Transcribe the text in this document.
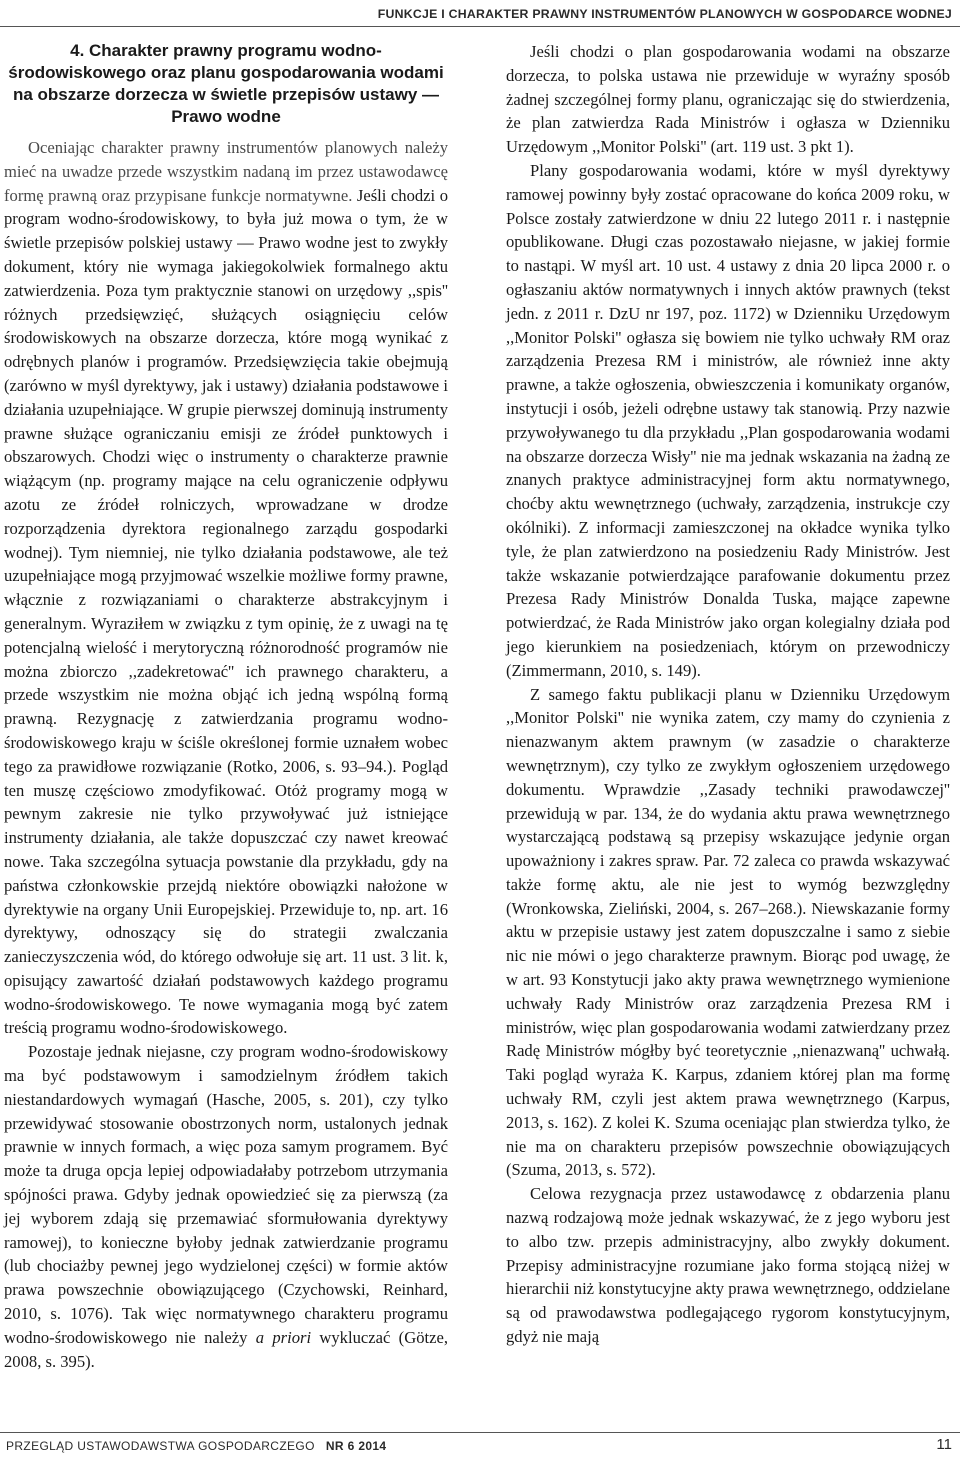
FUNKCJE I CHARAKTER PRAWNY INSTRUMENTÓW PLANOWYCH W GOSPODARCE WODNEJ
4. Charakter prawny programu wodno-środowiskowego oraz planu gospodarowania wodami na obszarze dorzecza w świetle przepisów ustawy — Prawo wodne

Oceniając charakter prawny instrumentów planowych należy mieć na uwadze przede wszystkim nadaną im przez ustawodawcę formę prawną oraz przypisane funkcje normatywne. Jeśli chodzi o program wodno-środowiskowy, to była już mowa o tym, że w świetle przepisów polskiej ustawy — Prawo wodne jest to zwykły dokument, który nie wymaga jakiegokolwiek formalnego aktu zatwierdzenia. Poza tym praktycznie stanowi on urzędowy ,,spis'' różnych przedsięwzięć, służących osiągnięciu celów środowiskowych na obszarze dorzecza, które mogą wynikać z odrębnych planów i programów. Przedsięwzięcia takie obejmują (zarówno w myśl dyrektywy, jak i ustawy) działania podstawowe i działania uzupełniające. W grupie pierwszej dominują instrumenty prawne służące ograniczaniu emisji ze źródeł punktowych i obszarowych. Chodzi więc o instrumenty o charakterze prawnie wiążącym (np. programy mające na celu ograniczenie odpływu azotu ze źródeł rolniczych, wprowadzane w drodze rozporządzenia dyrektora regionalnego zarządu gospodarki wodnej). Tym niemniej, nie tylko działania podstawowe, ale też uzupełniające mogą przyjmować wszelkie możliwe formy prawne, włącznie z rozwiązaniami o charakterze abstrakcyjnym i generalnym. Wyraziłem w związku z tym opinię, że z uwagi na tę potencjalną wielość i merytoryczną różnorodność programów nie można zbiorczo ,,zadekretować'' ich prawnego charakteru, a przede wszystkim nie można objąć ich jedną wspólną formą prawną. Rezygnację z zatwierdzania programu wodno-środowiskowego kraju w ściśle określonej formie uznałem wobec tego za prawidłowe rozwiązanie (Rotko, 2006, s. 93–94.). Pogląd ten muszę częściowo zmodyfikować. Otóż programy mogą w pewnym zakresie nie tylko przywoływać już istniejące instrumenty działania, ale także dopuszczać czy nawet kreować nowe. Taka szczególna sytuacja powstanie dla przykładu, gdy na państwa członkowskie przejdą niektóre obowiązki nałożone w dyrektywie na organy Unii Europejskiej. Przewiduje to, np. art. 16 dyrektywy, odnoszący się do strategii zwalczania zanieczyszczenia wód, do którego odwołuje się art. 11 ust. 3 lit. k, opisujący zawartość działań podstawowych każdego programu wodno-środowiskowego. Te nowe wymagania mogą być zatem treścią programu wodno-środowiskowego.

Pozostaje jednak niejasne, czy program wodno-środowiskowy ma być podstawowym i samodzielnym źródłem takich niestandardowych wymagań (Hasche, 2005, s. 201), czy tylko przewidywać stosowanie obostrzonych norm, ustalonych jednak prawnie w innych formach, a więc poza samym programem. Być może ta druga opcja lepiej odpowiadałaby potrzebom utrzymania spójności prawa. Gdyby jednak opowiedzieć się za pierwszą (za jej wyborem zdają się przemawiać sformułowania dyrektywy ramowej), to konieczne byłoby jednak zatwierdzanie programu (lub chociażby pewnej jego wydzielonej części) w formie aktów prawa powszechnie obowiązującego (Czychowski, Reinhard, 2010, s. 1076). Tak więc normatywnego charakteru programu wodno-środowiskowego nie należy a priori wykluczać (Götze, 2008, s. 395).

Jeśli chodzi o plan gospodarowania wodami na obszarze dorzecza, to polska ustawa nie przewiduje w wyraźny sposób żadnej szczególnej formy planu, ograniczając się do stwierdzenia, że plan zatwierdza Rada Ministrów i ogłasza w Dzienniku Urzędowym ,,Monitor Polski'' (art. 119 ust. 3 pkt 1).

Plany gospodarowania wodami, które w myśl dyrektywy ramowej powinny były zostać opracowane do końca 2009 roku, w Polsce zostały zatwierdzone w dniu 22 lutego 2011 r. i następnie opublikowane. Długi czas pozostawało niejasne, w jakiej formie to nastąpi. W myśl art. 10 ust. 4 ustawy z dnia 20 lipca 2000 r. o ogłaszaniu aktów normatywnych i innych aktów prawnych (tekst jedn. z 2011 r. DzU nr 197, poz. 1172) w Dzienniku Urzędowym ,,Monitor Polski'' ogłasza się bowiem nie tylko uchwały RM oraz zarządzenia Prezesa RM i ministrów, ale również inne akty prawne, a także ogłoszenia, obwieszczenia i komunikaty organów, instytucji i osób, jeżeli odrębne ustawy tak stanowią. Przy nazwie przywoływanego tu dla przykładu ,,Plan gospodarowania wodami na obszarze dorzecza Wisły'' nie ma jednak wskazania na żadną ze znanych praktyce administracyjnej form aktu normatywnego, choćby aktu wewnętrznego (uchwały, zarządzenia, instrukcje czy okólniki). Z informacji zamieszczonej na okładce wynika tylko tyle, że plan zatwierdzono na posiedzeniu Rady Ministrów. Jest także wskazanie potwierdzające parafowanie dokumentu przez Prezesa Rady Ministrów Donalda Tuska, mające zapewne potwierdzać, że Rada Ministrów jako organ kolegialny działa pod jego kierunkiem na posiedzeniach, którym on przewodniczy (Zimmermann, 2010, s. 149).

Z samego faktu publikacji planu w Dzienniku Urzędowym ,,Monitor Polski'' nie wynika zatem, czy mamy do czynienia z nienazwanym aktem prawnym (w zasadzie o charakterze wewnętrznym), czy tylko ze zwykłym ogłoszeniem urzędowego dokumentu. Wprawdzie ,,Zasady techniki prawodawczej'' przewidują w par. 134, że do wydania aktu prawa wewnętrznego wystarczającą podstawą są przepisy wskazujące jedynie organ upoważniony i zakres spraw. Par. 72 zaleca co prawda wskazywać także formę aktu, ale nie jest to wymóg bezwzględny (Wronkowska, Zieliński, 2004, s. 267–268.). Niewskazanie formy aktu w przepisie ustawy jest zatem dopuszczalne i samo z siebie nic nie mówi o jego charakterze prawnym. Biorąc pod uwagę, że w art. 93 Konstytucji jako akty prawa wewnętrznego wymienione uchwały Rady Ministrów oraz zarządzenia Prezesa RM i ministrów, więc plan gospodarowania wodami zatwierdzany przez Radę Ministrów mógłby być teoretycznie ,,nienazwaną'' uchwałą. Taki pogląd wyraża K. Karpus, zdaniem której plan ma formę uchwały RM, czyli jest aktem prawa wewnętrznego (Karpus, 2013, s. 162). Z kolei K. Szuma oceniając plan stwierdza tylko, że nie ma on charakteru przepisów powszechnie obowiązujących (Szuma, 2013, s. 572).

Celowa rezygnacja przez ustawodawcę z obdarzenia planu nazwą rodzajową może jednak wskazywać, że z jego wyboru jest to albo tzw. przepis administracyjny, albo zwykły dokument. Przepisy administracyjne rozumiane jako forma stojącą niżej w hierarchii niż konstytucyjne akty prawa wewnętrznego, oddzielane są od prawodawstwa podlegającego rygorom konstytucyjnym, gdyż nie mają

PRZEGLĄD USTAWODAWSTWA GOSPODARCZEGO NR 6 2014	11
